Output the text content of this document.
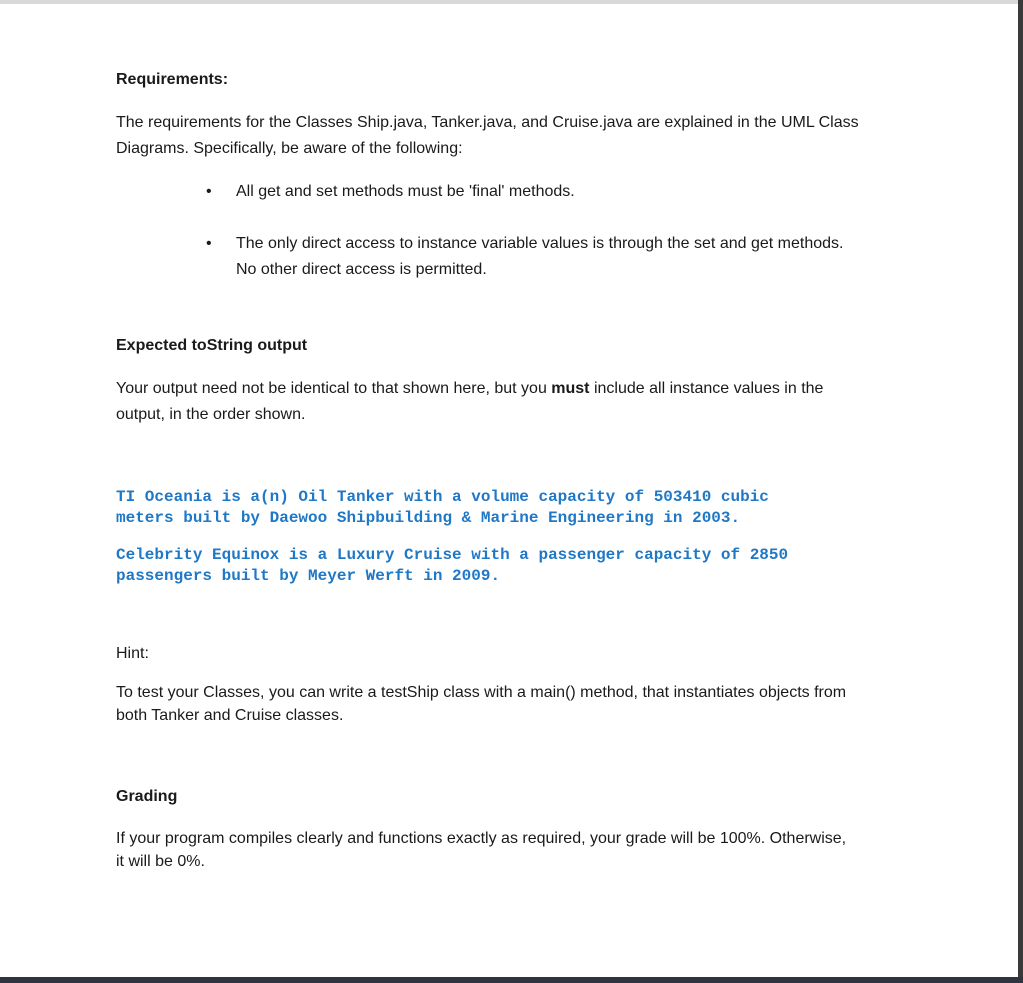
Requirements:

The requirements for the Classes Ship.java, Tanker.java, and Cruise.java are explained in the UML Class

Diagrams. Specifically, be aware of the following:

•	All get and set methods must be 'final' methods.

•	The only direct access to instance variable values is through the set and get methods.

No other direct access is permitted.

Expected toString output

Your output need not be identical to that shown here, but you must include all instance values in the

output, in the order shown.

TI Oceania is a(n) Oil Tanker with a volume capacity of 503410 cubic

meters built by Daewoo Shipbuilding & Marine Engineering in 2003.

Celebrity Equinox is a Luxury Cruise with a passenger capacity of 2850

passengers built by Meyer Werft in 2009.

Hint:

To test your Classes, you can write a testShip class with a main() method, that instantiates objects from

both Tanker and Cruise classes.

Grading

If your program compiles clearly and functions exactly as required, your grade will be 100%. Otherwise,

it will be 0%.
